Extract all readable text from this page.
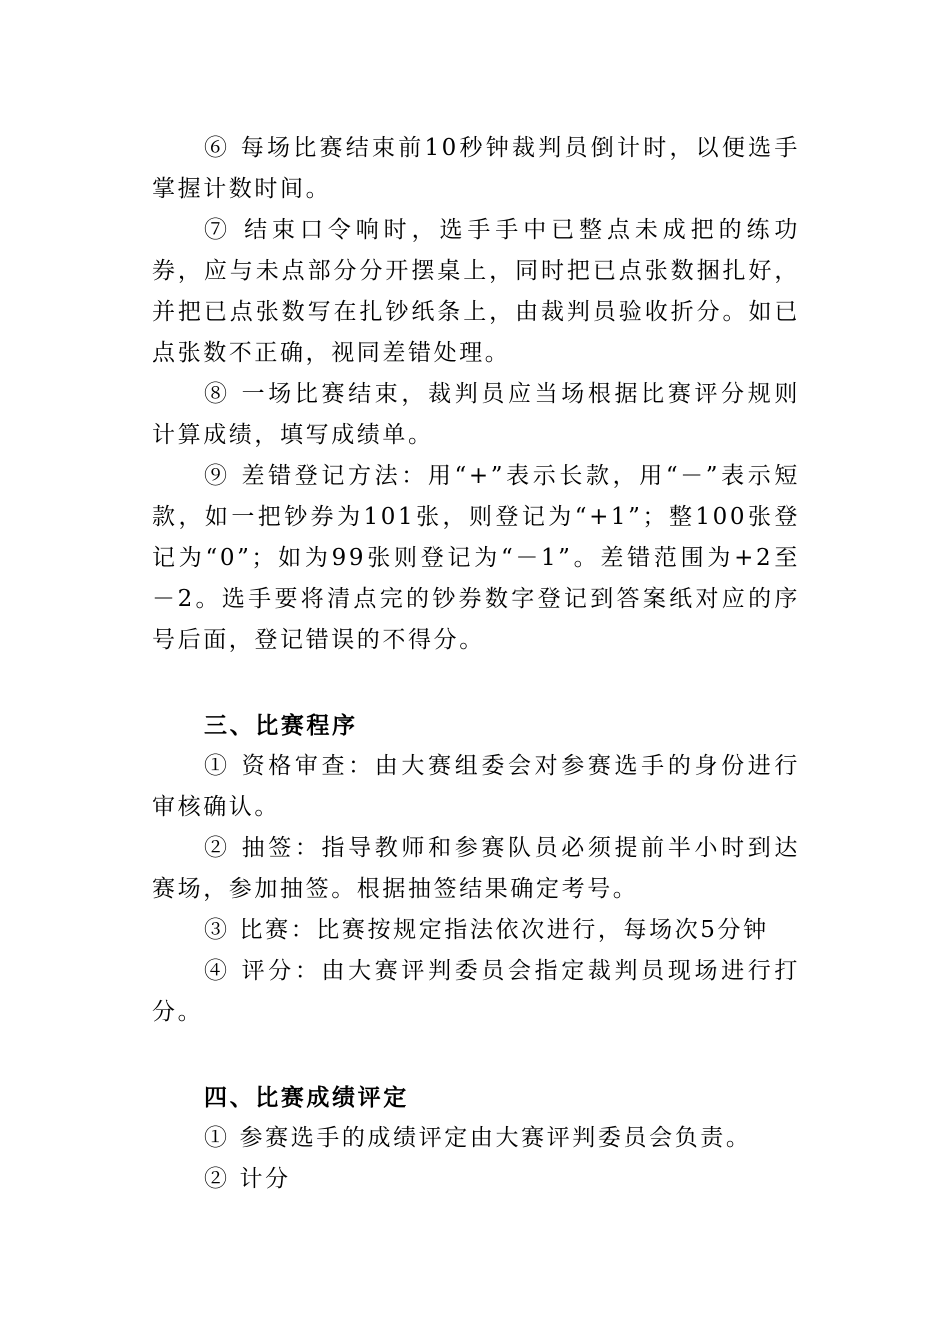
⑥ 每场比赛结束前10秒钟裁判员倒计时，以便选手掌握计数时间。

⑦ 结束口令响时，选手手中已整点未成把的练功券，应与未点部分分开摆桌上，同时把已点张数捆扎好，并把已点张数写在扎钞纸条上，由裁判员验收折分。如已点张数不正确，视同差错处理。

⑧ 一场比赛结束，裁判员应当场根据比赛评分规则计算成绩，填写成绩单。

⑨ 差错登记方法：用“+”表示长款，用“－”表示短款，如一把钞券为101张，则登记为“+1”；整100张登记为“0”；如为99张则登记为“－1”。差错范围为+2至－2。选手要将清点完的钞券数字登记到答案纸对应的序号后面，登记错误的不得分。

三、比赛程序

① 资格审查：由大赛组委会对参赛选手的身份进行审核确认。

② 抽签：指导教师和参赛队员必须提前半小时到达赛场，参加抽签。根据抽签结果确定考号。

③ 比赛：比赛按规定指法依次进行，每场次5分钟

④ 评分：由大赛评判委员会指定裁判员现场进行打分。

四、比赛成绩评定

① 参赛选手的成绩评定由大赛评判委员会负责。

② 计分
